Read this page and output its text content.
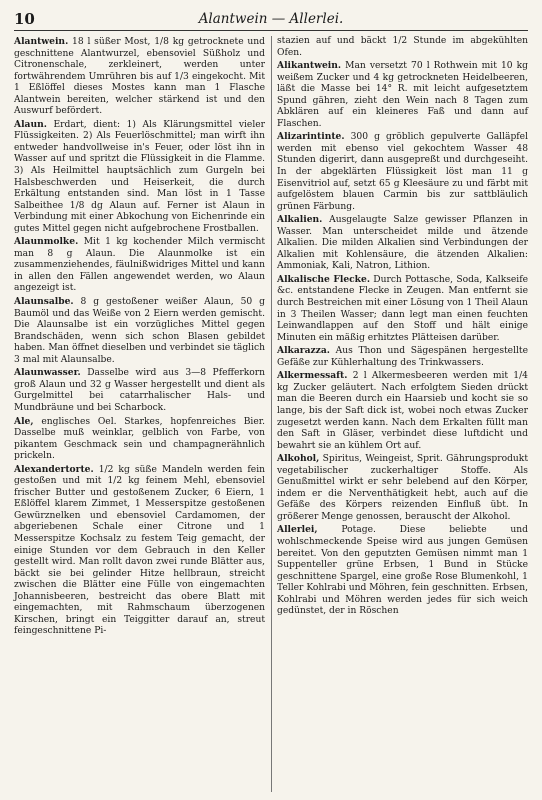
10	Alantwein — Allerlei.

Alantwein. 18 l süßer Most, 1/8 kg getrocknete und geschnittene Alantwurzel, ebensoviel Süßholz und Citronenschale, zerkleinert, werden unter fortwährendem Umrühren bis auf 1/3 eingekocht. Mit 1 Eßlöffel dieses Mostes kann man 1 Flasche Alantwein bereiten, welcher stärkend ist und den Auswurf befördert.

Alaun. Erdart, dient: 1) Als Klärungsmittel vieler Flüssigkeiten. 2) Als Feuerlöschmittel; man wirft ihn entweder handvollweise in's Feuer, oder löst ihn in Wasser auf und spritzt die Flüssigkeit in die Flamme. 3) Als Heilmittel hauptsächlich zum Gurgeln bei Halsbeschwerden und Heiserkeit, die durch Erkältung entstanden sind. Man löst in 1 Tasse Salbeithee 1/8 dg Alaun auf. Ferner ist Alaun in Verbindung mit einer Abkochung von Eichenrinde ein gutes Mittel gegen nicht aufgebrochene Frostballen.

Alaunmolke. Mit 1 kg kochender Milch vermischt man 8 g Alaun. Die Alaunmolke ist ein zusammenziehendes, fäulnißwidriges Mittel und kann in allen den Fällen angewendet werden, wo Alaun angezeigt ist.

Alaunsalbe. 8 g gestoßener weißer Alaun, 50 g Baumöl und das Weiße von 2 Eiern werden gemischt. Die Alaunsalbe ist ein vorzügliches Mittel gegen Brandschäden, wenn sich schon Blasen gebildet haben. Man öffnet dieselben und verbindet sie täglich 3 mal mit Alaunsalbe.

Alaunwasser. Dasselbe wird aus 3—8 Pfefferkorn groß Alaun und 32 g Wasser hergestellt und dient als Gurgelmittel bei catarrhalischer Hals- und Mundbräune und bei Scharbock.

Ale, englisches Oel. Starkes, hopfenreiches Bier. Dasselbe muß weinklar, gelblich von Farbe, von pikantem Geschmack sein und champagnerähnlich prickeln.

Alexandertorte. 1/2 kg süße Mandeln werden fein gestoßen und mit 1/2 kg feinem Mehl, ebensoviel frischer Butter und gestoßenem Zucker, 6 Eiern, 1 Eßlöffel klarem Zimmet, 1 Messerspitze gestoßenen Gewürznelken und ebensoviel Cardamomen, der abgeriebenen Schale einer Citrone und 1 Messerspitze Kochsalz zu festem Teig gemacht, der einige Stunden vor dem Gebrauch in den Keller gestellt wird. Man rollt davon zwei runde Blätter aus, bäckt sie bei gelinder Hitze hellbraun, streicht zwischen die Blätter eine Fülle von eingemachten Johannisbeeren, bestreicht das obere Blatt mit eingemachten, mit Rahmschaum überzogenen Kirschen, bringt ein Teiggitter darauf an, streut feingeschnittene Pi-

stazien auf und bäckt 1/2 Stunde im abgekühlten Ofen.

Alikantwein. Man versetzt 70 l Rothwein mit 10 kg weißem Zucker und 4 kg getrockneten Heidelbeeren, läßt die Masse bei 14° R. mit leicht aufgesetztem Spund gähren, zieht den Wein nach 8 Tagen zum Abklären auf ein kleineres Faß und dann auf Flaschen.

Alizarintinte. 300 g gröblich gepulverte Galläpfel werden mit ebenso viel gekochtem Wasser 48 Stunden digerirt, dann ausgepreßt und durchgeseiht. In der abgeklärten Flüssigkeit löst man 11 g Eisenvitriol auf, setzt 65 g Kleesäure zu und färbt mit aufgelöstem blauen Carmin bis zur sattbläulich grünen Färbung.

Alkalien. Ausgelaugte Salze gewisser Pflanzen in Wasser. Man unterscheidet milde und ätzende Alkalien. Die milden Alkalien sind Verbindungen der Alkalien mit Kohlensäure, die ätzenden Alkalien: Ammoniak, Kali, Natron, Lithion.

Alkalische Flecke. Durch Pottasche, Soda, Kalkseife &c. entstandene Flecke in Zeugen. Man entfernt sie durch Bestreichen mit einer Lösung von 1 Theil Alaun in 3 Theilen Wasser; dann legt man einen feuchten Leinwandlappen auf den Stoff und hält einige Minuten ein mäßig erhitztes Plätteisen darüber.

Alkarazza. Aus Thon und Sägespänen hergestellte Gefäße zur Kühlerhaltung des Trinkwassers.

Alkermessaft. 2 l Alkermesbeeren werden mit 1/4 kg Zucker geläutert. Nach erfolgtem Sieden drückt man die Beeren durch ein Haarsieb und kocht sie so lange, bis der Saft dick ist, wobei noch etwas Zucker zugesetzt werden kann. Nach dem Erkalten füllt man den Saft in Gläser, verbindet diese luftdicht und bewahrt sie an kühlem Ort auf.

Alkohol, Spiritus, Weingeist, Sprit. Gährungsprodukt vegetabilischer zuckerhaltiger Stoffe. Als Genußmittel wirkt er sehr belebend auf den Körper, indem er die Nerventhätigkeit hebt, auch auf die Gefäße des Körpers reizenden Einfluß übt. In größerer Menge genossen, berauscht der Alkohol.

Allerlei,	Potage. Diese beliebte und wohlschmeckende Speise wird aus jungen Gemüsen bereitet. Von den geputzten Gemüsen nimmt man 1 Suppenteller grüne Erbsen, 1 Bund in Stücke geschnittene Spargel, eine große Rose Blumenkohl, 1 Teller Kohlrabi und Möhren, fein geschnitten. Erbsen, Kohlrabi und Möhren werden jedes für sich weich gedünstet, der in Röschen
